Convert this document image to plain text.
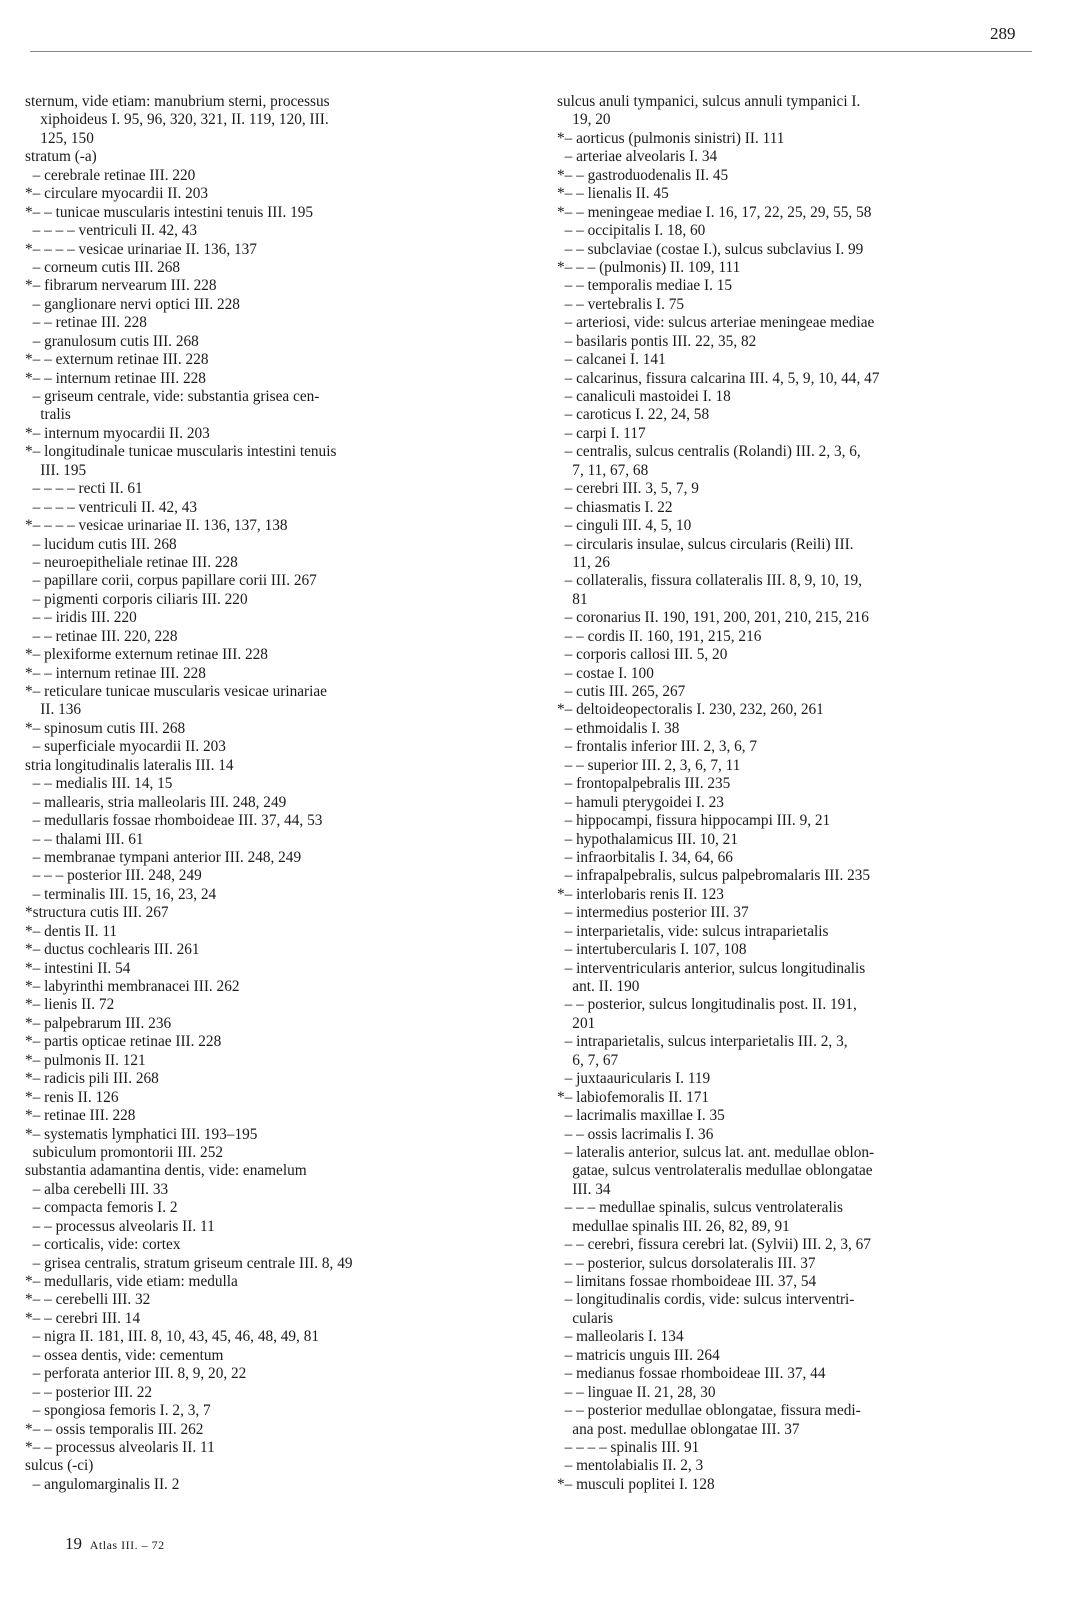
289
sternum, vide etiam: manubrium sterni, processus
xiphoideus I. 95, 96, 320, 321, II. 119, 120, III.
125, 150
stratum (-a)
– cerebrale retinae III. 220
*– circulare myocardii II. 203
*– – tunicae muscularis intestini tenuis III. 195
– – – – ventriculi II. 42, 43
*– – – – vesicae urinariae II. 136, 137
– corneum cutis III. 268
*– fibrarum nervearum III. 228
– ganglionare nervi optici III. 228
– – retinae III. 228
– granulosum cutis III. 268
*– – externum retinae III. 228
*– – internum retinae III. 228
– griseum centrale, vide: substantia grisea cen-
tralis
*– internum myocardii II. 203
*– longitudinale tunicae muscularis intestini tenuis
III. 195
– – – – recti II. 61
– – – – ventriculi II. 42, 43
*– – – – vesicae urinariae II. 136, 137, 138
– lucidum cutis III. 268
– neuroepitheliale retinae III. 228
– papillare corii, corpus papillare corii III. 267
– pigmenti corporis ciliaris III. 220
– – iridis III. 220
– – retinae III. 220, 228
*– plexiforme externum retinae III. 228
*– – internum retinae III. 228
*– reticulare tunicae muscularis vesicae urinariae
II. 136
*– spinosum cutis III. 268
– superficiale myocardii II. 203
stria longitudinalis lateralis III. 14
– – medialis III. 14, 15
– mallearis, stria malleolaris III. 248, 249
– medullaris fossae rhomboideae III. 37, 44, 53
– – thalami III. 61
– membranae tympani anterior III. 248, 249
– – – posterior III. 248, 249
– terminalis III. 15, 16, 23, 24
*structura cutis III. 267
*– dentis II. 11
*– ductus cochlearis III. 261
*– intestini II. 54
*– labyrinthi membranacei III. 262
*– lienis II. 72
*– palpebrarum III. 236
*– partis opticae retinae III. 228
*– pulmonis II. 121
*– radicis pili III. 268
*– renis II. 126
*– retinae III. 228
*– systematis lymphatici III. 193–195
subiculum promontorii III. 252
substantia adamantina dentis, vide: enamelum
– alba cerebelli III. 33
– compacta femoris I. 2
– – processus alveolaris II. 11
– corticalis, vide: cortex
– grisea centralis, stratum griseum centrale III. 8, 49
*– medullaris, vide etiam: medulla
*– – cerebelli III. 32
*– – cerebri III. 14
– nigra II. 181, III. 8, 10, 43, 45, 46, 48, 49, 81
– ossea dentis, vide: cementum
– perforata anterior III. 8, 9, 20, 22
– – posterior III. 22
– spongiosa femoris I. 2, 3, 7
*– – ossis temporalis III. 262
*– – processus alveolaris II. 11
sulcus (-ci)
– angulomarginalis II. 2
sulcus anuli tympanici, sulcus annuli tympanici I.
19, 20
*– aorticus (pulmonis sinistri) II. 111
– arteriae alveolaris I. 34
*– – gastroduodenalis II. 45
*– – lienalis II. 45
*– – meningeae mediae I. 16, 17, 22, 25, 29, 55, 58
– – occipitalis I. 18, 60
– – subclaviae (costae I.), sulcus subclavius I. 99
*– – – (pulmonis) II. 109, 111
– – temporalis mediae I. 15
– – vertebralis I. 75
– arteriosi, vide: sulcus arteriae meningeae mediae
– basilaris pontis III. 22, 35, 82
– calcanei I. 141
– calcarinus, fissura calcarina III. 4, 5, 9, 10, 44, 47
– canaliculi mastoidei I. 18
– caroticus I. 22, 24, 58
– carpi I. 117
– centralis, sulcus centralis (Rolandi) III. 2, 3, 6,
7, 11, 67, 68
– cerebri III. 3, 5, 7, 9
– chiasmatis I. 22
– cinguli III. 4, 5, 10
– circularis insulae, sulcus circularis (Reili) III.
11, 26
– collateralis, fissura collateralis III. 8, 9, 10, 19,
81
– coronarius II. 190, 191, 200, 201, 210, 215, 216
– – cordis II. 160, 191, 215, 216
– corporis callosi III. 5, 20
– costae I. 100
– cutis III. 265, 267
*– deltoideopectoralis I. 230, 232, 260, 261
– ethmoidalis I. 38
– frontalis inferior III. 2, 3, 6, 7
– – superior III. 2, 3, 6, 7, 11
– frontopalpebralis III. 235
– hamuli pterygoidei I. 23
– hippocampi, fissura hippocampi III. 9, 21
– hypothalamicus III. 10, 21
– infraorbitalis I. 34, 64, 66
– infrapalpebralis, sulcus palpebromalaris III. 235
*– interlobaris renis II. 123
– intermedius posterior III. 37
– interparietalis, vide: sulcus intraparietalis
– intertubercularis I. 107, 108
– interventricularis anterior, sulcus longitudinalis
ant. II. 190
– – posterior, sulcus longitudinalis post. II. 191,
201
– intraparietalis, sulcus interparietalis III. 2, 3,
6, 7, 67
– juxtaauricularis I. 119
*– labiofemoralis II. 171
– lacrimalis maxillae I. 35
– – ossis lacrimalis I. 36
– lateralis anterior, sulcus lat. ant. medullae oblon-
gatae, sulcus ventrolateralis medullae oblongatae
III. 34
– – – medullae spinalis, sulcus ventrolateralis
medullae spinalis III. 26, 82, 89, 91
– – cerebri, fissura cerebri lat. (Sylvii) III. 2, 3, 67
– – posterior, sulcus dorsolateralis III. 37
– limitans fossae rhomboideae III. 37, 54
– longitudinalis cordis, vide: sulcus interventri-
cularis
– malleolaris I. 134
– matricis unguis III. 264
– medianus fossae rhomboideae III. 37, 44
– – linguae II. 21, 28, 30
– – posterior medullae oblongatae, fissura medi-
ana post. medullae oblongatae III. 37
– – – – spinalis III. 91
– mentolabialis II. 2, 3
*– musculi poplitei I. 128
19 Atlas III. – 72
